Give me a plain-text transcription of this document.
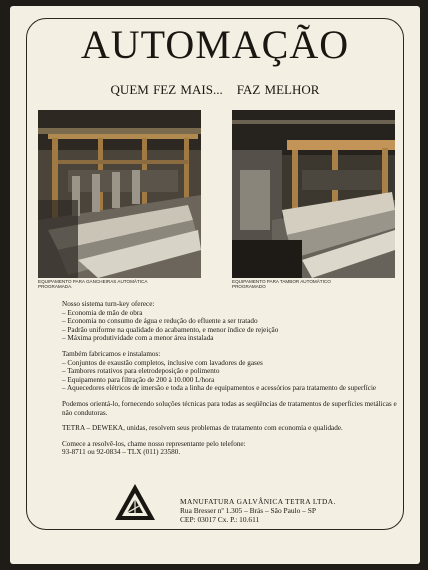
AUTOMAÇÃO
QUEM FEZ MAIS... FAZ MELHOR
EQUIPAMENTO PARA GANCHEIRAS AUTOMÁTICA PROGRAMADA.
EQUIPAMENTO PARA TAMBOR AUTOMÁTICO PROGRAMADO

Nosso sistema turn-key oferece:

– Economia de mão de obra
– Economia no consumo de água e redução do efluente a ser tratado
– Padrão uniforme na qualidade do acabamento, e menor índice de rejeição
– Máxima produtividade com a menor área instalada

Também fabricamos e instalamos:

– Conjuntos de exaustão completos, inclusive com lavadores de gases
– Tambores rotativos para eletrodeposição e polimento
– Equipamento para filtração de 200 à 10.000 L/hora
– Aquecedores elétricos de imersão e toda a linha de equipamentos e acessórios para tratamento de superfície

Podemos orientá-lo, fornecendo soluções técnicas para todas as seqüências de tratamentos de superfícies metálicas e não condutoras.

TETRA – DEWEKA, unidas, resolvem seus problemas de tratamento com economia e qualidade.

Comece a resolvê-los, chame nosso representante pelo telefone:

93-8711 ou 92-0834 – TLX (011) 23580.

MANUFATURA GALVÂNICA TETRA LTDA.
Rua Bresser nº 1.305 – Brás – São Paulo – SP
CEP: 03017 Cx. P.: 10.611
